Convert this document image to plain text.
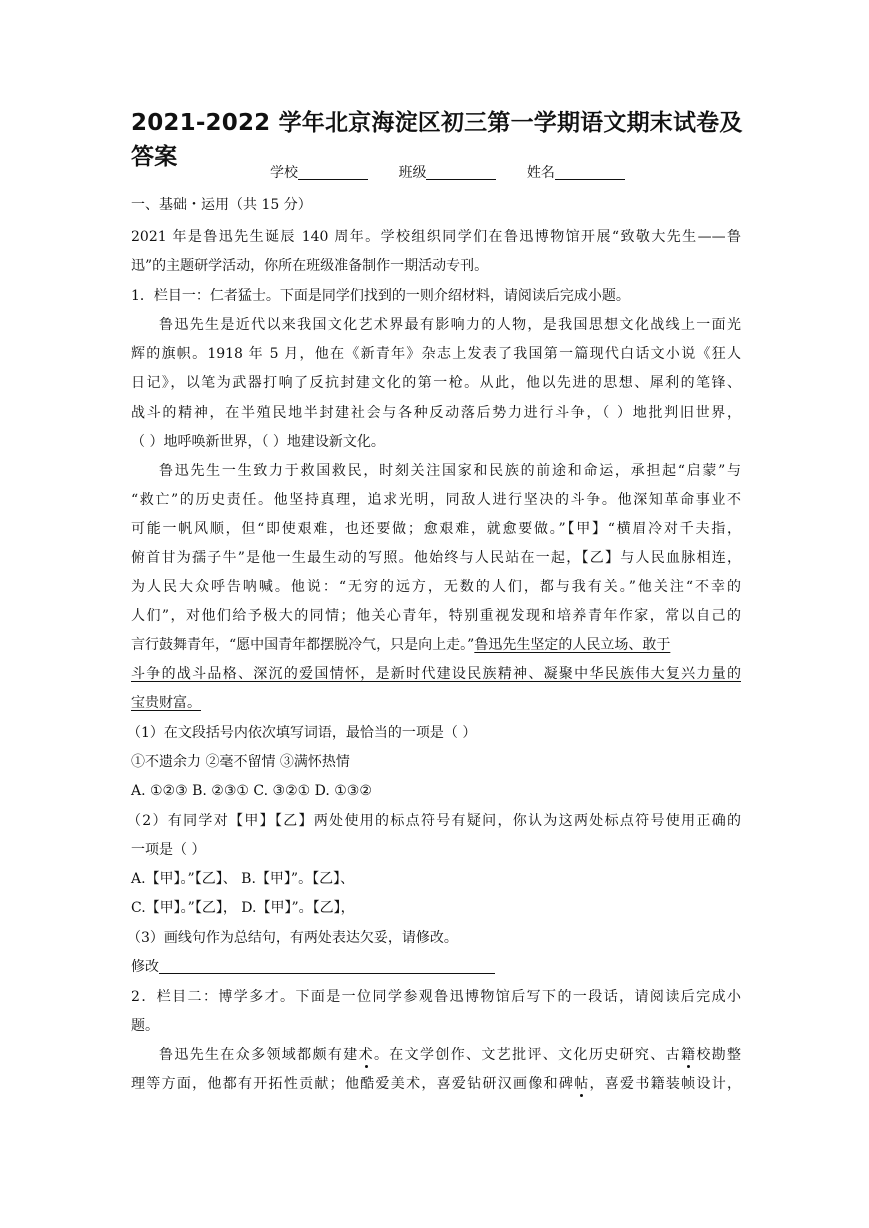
2021-2022 学年北京海淀区初三第一学期语文期末试卷及答案
学校	班级	姓名
一、基础・运用（共 15 分）
2021 年是鲁迅先生诞辰 140 周年。学校组织同学们在鲁迅博物馆开展“致敬大先生——鲁
迅”的主题研学活动，你所在班级准备制作一期活动专刊。
1．栏目一：仁者猛士。下面是同学们找到的一则介绍材料，请阅读后完成小题。
鲁迅先生是近代以来我国文化艺术界最有影响力的人物，是我国思想文化战线上一面光
辉的旗帜。1918 年 5 月，他在《新青年》杂志上发表了我国第一篇现代白话文小说《狂人
日记》，以笔为武器打响了反抗封建文化的第一枪。从此，他以先进的思想、犀利的笔锋、
战斗的精神，在半殖民地半封建社会与各种反动落后势力进行斗争，（ ）地批判旧世界，
（ ）地呼唤新世界，（ ）地建设新文化。
鲁迅先生一生致力于救国救民，时刻关注国家和民族的前途和命运，承担起“启蒙”与
“救亡”的历史责任。他坚持真理，追求光明，同敌人进行坚决的斗争。他深知革命事业不
可能一帆风顺，但“即使艰难，也还要做；愈艰难，就愈要做。”【甲】“横眉冷对千夫指，
俯首甘为孺子牛”是他一生最生动的写照。他始终与人民站在一起，【乙】与人民血脉相连，
为人民大众呼告呐喊。他说：“无穷的远方，无数的人们，都与我有关。”他关注“不幸的
人们”，对他们给予极大的同情；他关心青年，特别重视发现和培养青年作家，常以自己的
言行鼓舞青年，“愿中国青年都摆脱冷气，只是向上走。”鲁迅先生坚定的人民立场、敢于
斗争的战斗品格、深沉的爱国情怀，是新时代建设民族精神、凝聚中华民族伟大复兴力量的
宝贵财富。
（1）在文段括号内依次填写词语，最恰当的一项是（ ）
①不遗余力 ②毫不留情 ③满怀热情
A. ①②③ B. ②③① C. ③②① D. ①③②
（2）有同学对【甲】【乙】两处使用的标点符号有疑问，你认为这两处标点符号使用正确的
一项是（ ）
A.【甲】。”【乙】、 B.【甲】”。【乙】、
C.【甲】。”【乙】， D.【甲】”。【乙】，
（3）画线句作为总结句，有两处表达欠妥，请修改。
修改
2．栏目二：博学多才。下面是一位同学参观鲁迅博物馆后写下的一段话，请阅读后完成小
题。
鲁迅先生在众多领域都颇有建术。在文学创作、文艺批评、文化历史研究、古籍校勘整
理等方面，他都有开拓性贡献；他酷爱美术，喜爱钻研汉画像和碑帖，喜爱书籍装帧设计，
